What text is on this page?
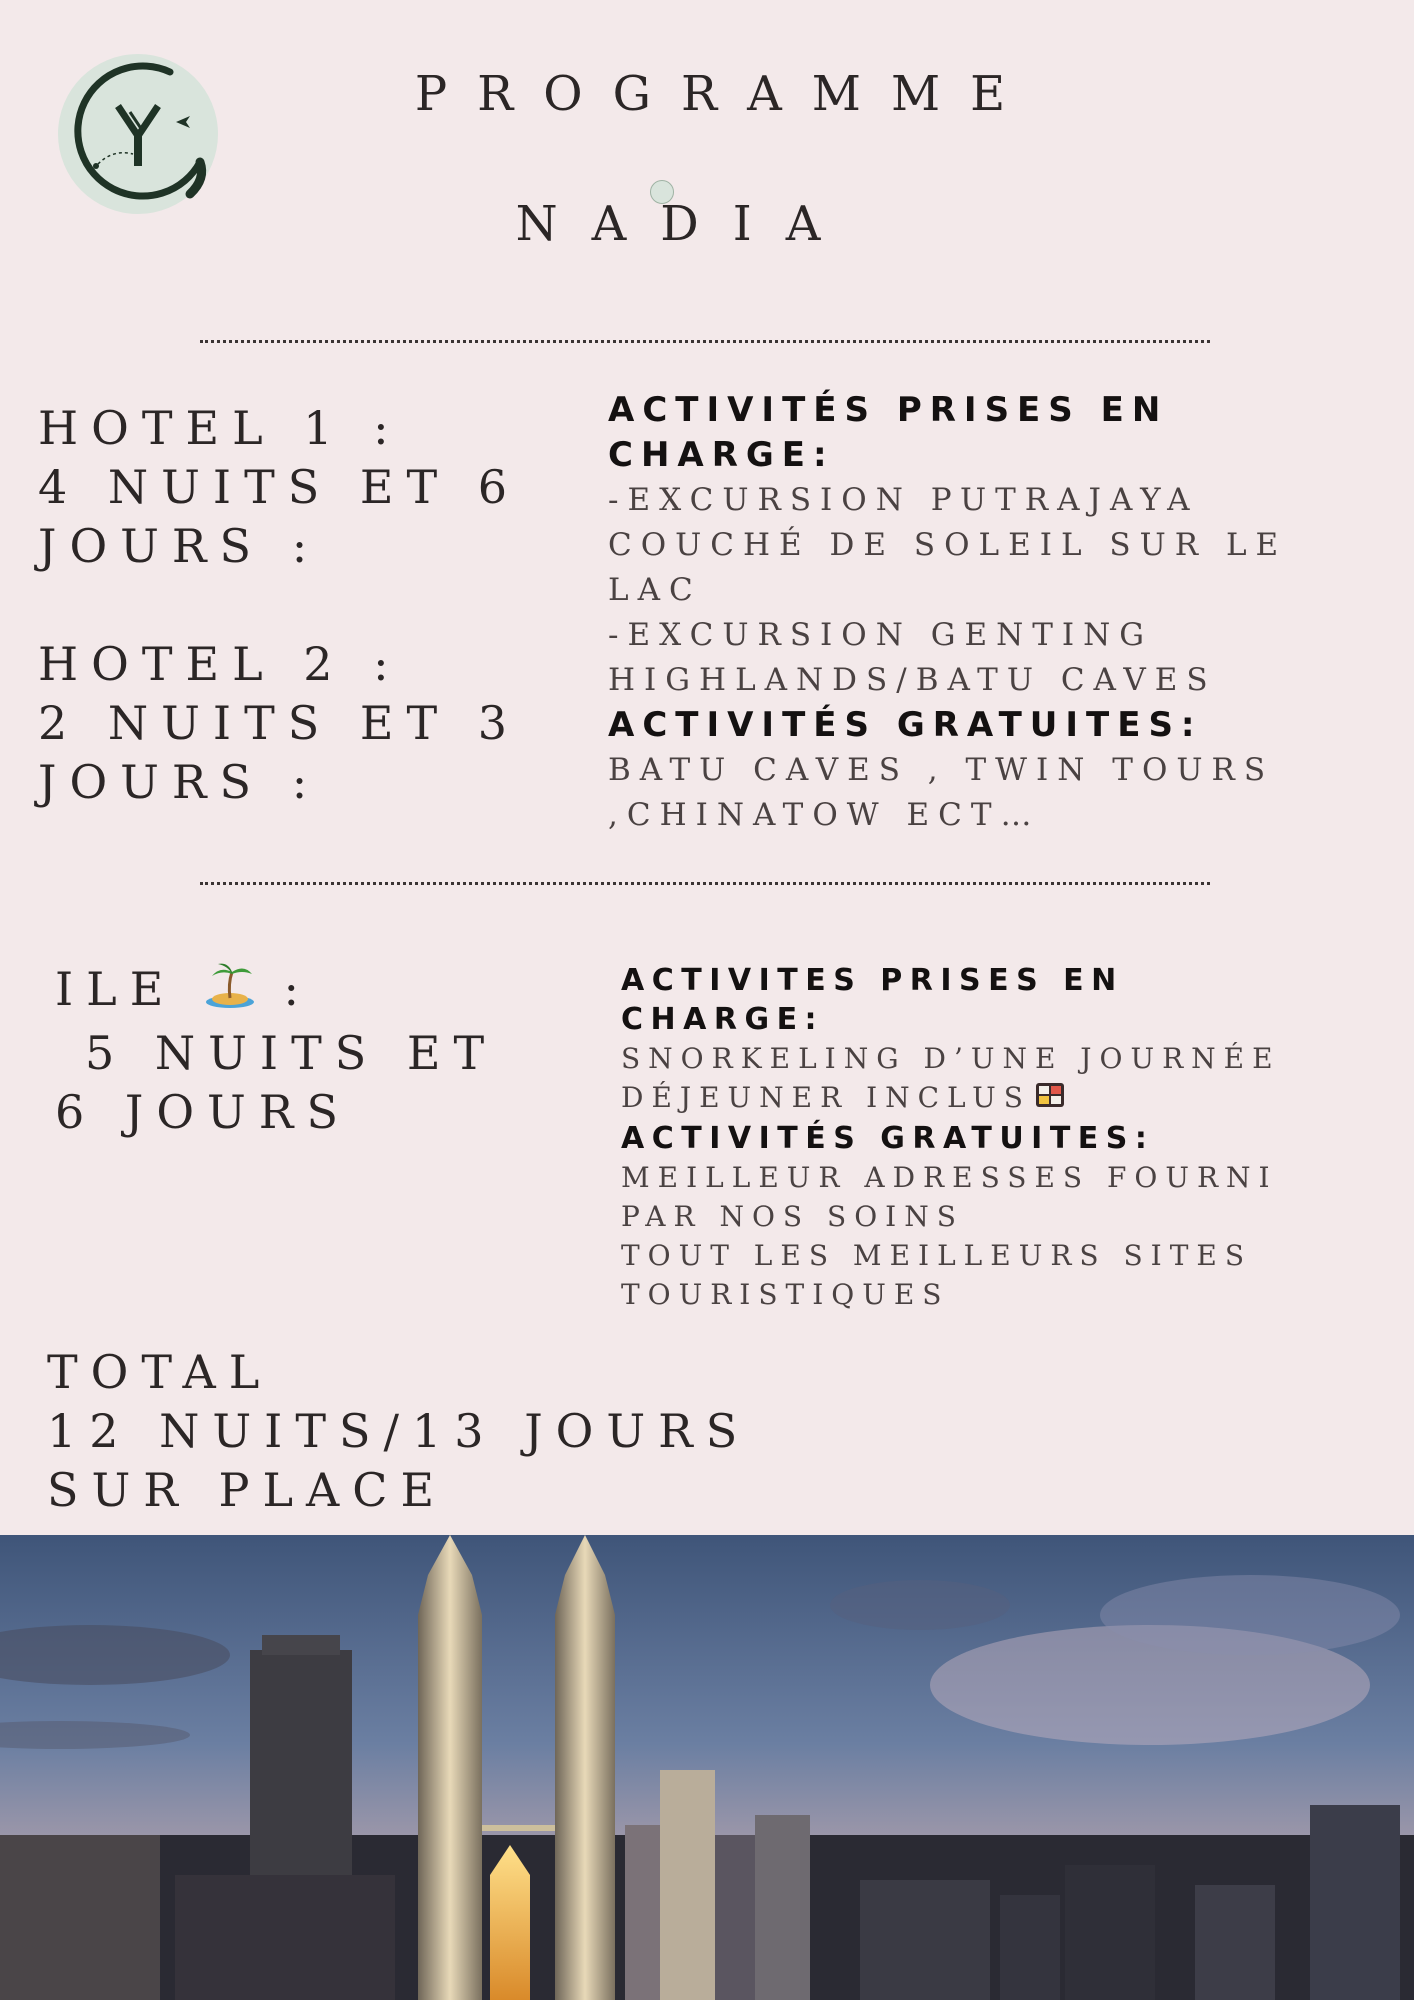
PROGRAMME
NADIA
HOTEL 1 :
4 NUITS ET 6
JOURS :
HOTEL 2 :
2 NUITS ET 3
JOURS :
ACTIVITÉS PRISES EN
CHARGE:
-EXCURSION PUTRAJAYA
COUCHÉ DE SOLEIL SUR LE
LAC
-EXCURSION GENTING
HIGHLANDS/BATU CAVES
ACTIVITÉS GRATUITES:
BATU CAVES , TWIN TOURS
,CHINATOW ECT…
ILE :
5 NUITS ET
6 JOURS
ACTIVITES PRISES EN
CHARGE:
SNORKELING D’UNE JOURNÉE
DÉJEUNER INCLUS
ACTIVITÉS GRATUITES:
MEILLEUR ADRESSES FOURNI
PAR NOS SOINS
TOUT LES MEILLEURS SITES
TOURISTIQUES
TOTAL
12 NUITS/13 JOURS
SUR PLACE
